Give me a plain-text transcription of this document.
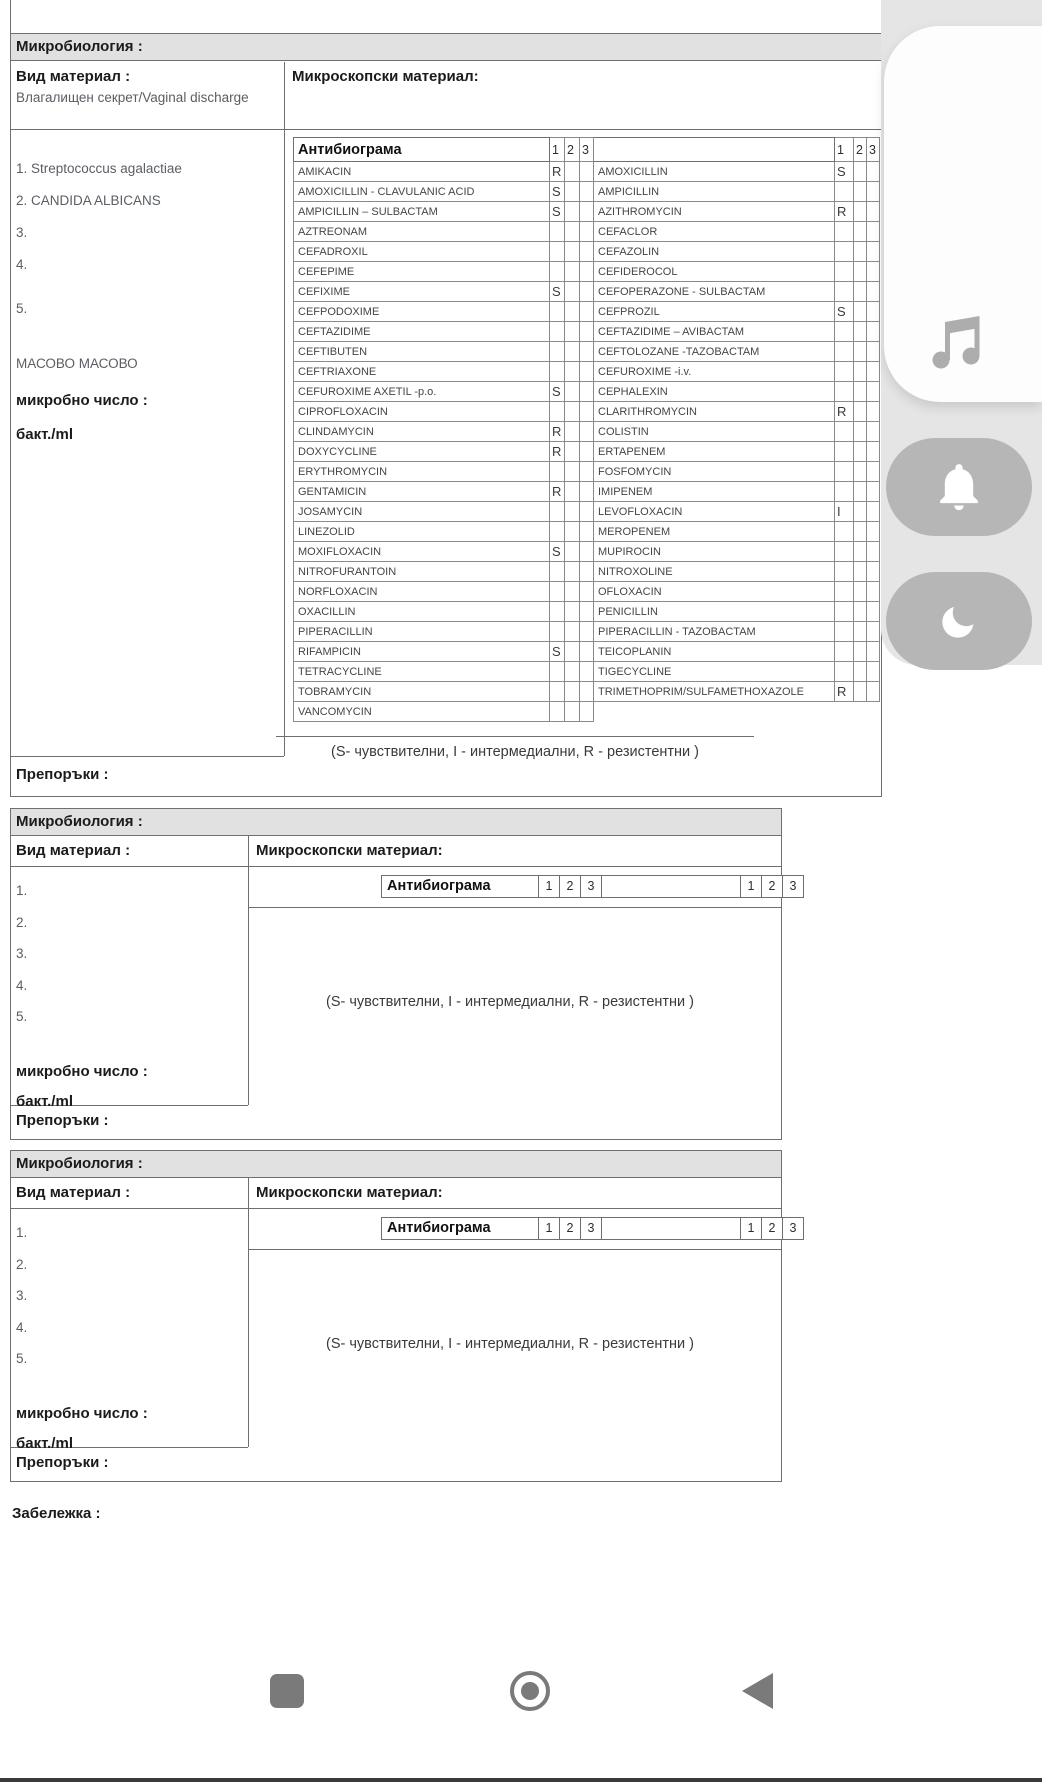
Микробиология :
Вид материал :
Влагалищен секрет/Vaginal discharge
Микроскопски материал:
1. Streptococcus agalactiae
2. CANDIDA ALBICANS
3.
4.
5.
МАСОВО МАСОВО
микробно число :
бакт./ml
Антибиограма	1	2	3		1	2	3
AMIKACIN	R			AMOXICILLIN	S		
AMOXICILLIN - CLAVULANIC ACID	S			AMPICILLIN			
AMPICILLIN – SULBACTAM	S			AZITHROMYCIN	R		
AZTREONAM				CEFACLOR			
CEFADROXIL				CEFAZOLIN			
CEFEPIME				CEFIDEROCOL			
CEFIXIME	S			CEFOPERAZONE - SULBACTAM			
CEFPODOXIME				CEFPROZIL	S		
CEFTAZIDIME				CEFTAZIDIME – AVIBACTAM			
CEFTIBUTEN				CEFTOLOZANE -TAZOBACTAM			
CEFTRIAXONE				CEFUROXIME -i.v.			
CEFUROXIME AXETIL -p.o.	S			CEPHALEXIN			
CIPROFLOXACIN				CLARITHROMYCIN	R		
CLINDAMYCIN	R			COLISTIN			
DOXYCYCLINE	R			ERTAPENEM			
ERYTHROMYCIN				FOSFOMYCIN			
GENTAMICIN	R			IMIPENEM			
JOSAMYCIN				LEVOFLOXACIN	I		
LINEZOLID				MEROPENEM			
MOXIFLOXACIN	S			MUPIROCIN			
NITROFURANTOIN				NITROXOLINE			
NORFLOXACIN				OFLOXACIN			
OXACILLIN				PENICILLIN			
PIPERACILLIN				PIPERACILLIN - TAZOBACTAM			
RIFAMPICIN	S			TEICOPLANIN			
TETRACYCLINE				TIGECYCLINE			
TOBRAMYCIN				TRIMETHOPRIM/SULFAMETHOXAZOLE	R		
VANCOMYCIN							
(S- чувствителни, I - интермедиални, R - резистентни )
Препоръки :
Микробиология :
Вид материал :	Микроскопски материал:
Антибиограма	1	2	3	1	2	3
1.
2.
3.
4.
5.
микробно число :
бакт./ml
(S- чувствителни, I - интермедиални, R - резистентни )
Препоръки :
Микробиология :
Вид материал :	Микроскопски материал:
Антибиограма	1	2	3	1	2	3
1.
2.
3.
4.
5.
микробно число :
бакт./ml
(S- чувствителни, I - интермедиални, R - резистентни )
Препоръки :
Забележка :
